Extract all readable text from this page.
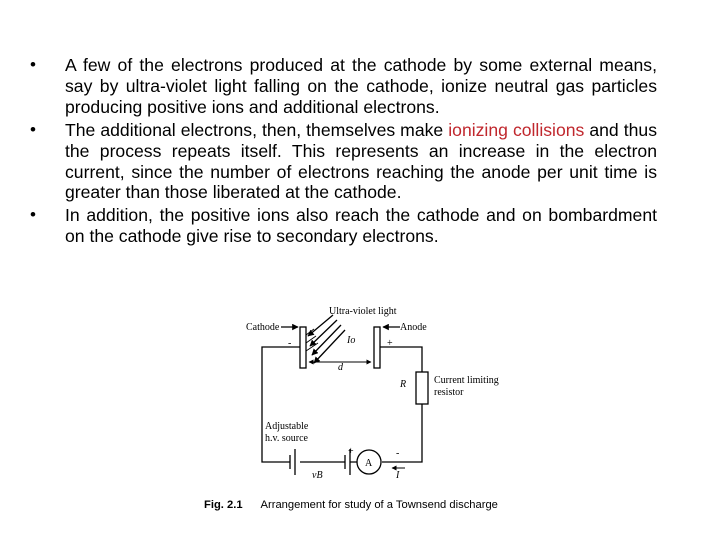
•	A few of the electrons produced at the cathode by some external means, say by ultra-violet light falling on the cathode, ionize neutral gas particles producing positive ions and additional electrons.
•	The additional electrons, then, themselves make ionizing collisions and thus the process repeats itself. This represents an increase in the electron current, since the number of electrons reaching the anode per unit time is greater than those liberated at the cathode.
•	In addition, the positive ions also reach the cathode and on bombardment on the cathode give rise to secondary electrons.
Cathode
Ultra-violet light
Anode
Io
d
-	+
R	Current limiting
resistor
Adjustable
h.v. source
+	-
vB
A
I
Fig. 2.1 Arrangement for study of a Townsend discharge
